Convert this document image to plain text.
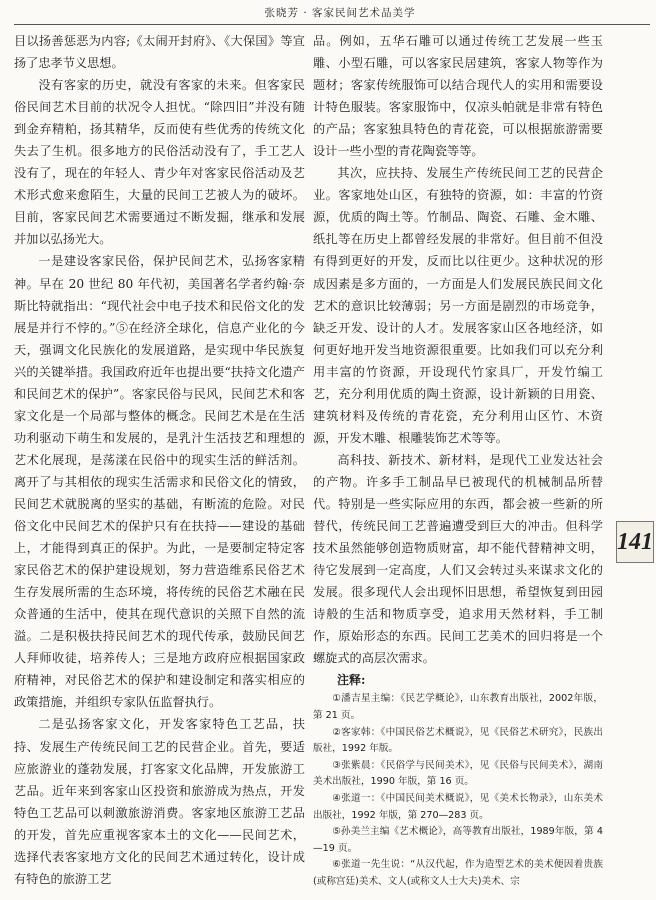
张晓芳 · 客家民间艺术品美学

目以扬善惩恶为内容;《太闹开封府》、《大保国》等宣扬了忠孝节义思想。

没有客家的历史，就没有客家的未来。但客家民俗民间艺术目前的状况令人担忧。“除四旧”并没有随到金弃精粕，扬其精华，反而使有些优秀的传统文化失去了生机。很多地方的民俗活动没有了，手工艺人没有了，现在的年轻人、青少年对客家民俗活动及艺术形式愈来愈陌生，大量的民间工艺被人为的破坏。目前，客家民间艺术需要通过不断发掘，继承和发展并加以弘扬光大。

一是建设客家民俗，保护民间艺术，弘扬客家精神。早在 20 世纪 80 年代初，美国著名学者约翰·奈斯比特就指出：“现代社会中电子技术和民俗文化的发展是并行不悖的。”⑤在经济全球化，信息产业化的今天，强调文化民族化的发展道路，是实现中华民族复兴的关键举措。我国政府近年也提出要“扶持文化遗产和民间艺术的保护”。客家民俗与民风，民间艺术和客家文化是一个局部与整体的概念。民间艺术是在生活功利驱动下萌生和发展的，是乳汁生活技艺和理想的艺术化展现，是荡漾在民俗中的现实生活的鲜活剂。离开了与其相依的现实生活需求和民俗文化的情致，民间艺术就脱离的坚实的基础，有断流的危险。对民俗文化中民间艺术的保护只有在扶持——建设的基础上，才能得到真正的保护。为此，一是要制定特定客家民俗艺术的保护建设规划，努力营造维系民俗艺术生存发展所需的生态环境，将传统的民俗艺术融在民众普通的生活中，使其在现代意识的关照下自然的流溢。二是积极扶持民间艺术的现代传承，鼓励民间艺人拜师收徒，培养传人；三是地方政府应根据国家政府精神，对民俗艺术的保护和建设制定和落实相应的政策措施，并组织专家队伍监督执行。

二是弘扬客家文化，开发客家特色工艺品，扶持、发展生产传统民间工艺的民营企业。首先，要适应旅游业的蓬勃发展，打客家文化品牌，开发旅游工艺品。近年来到客家山区投资和旅游成为热点，开发特色工艺品可以刺激旅游消费。客家地区旅游工艺品的开发，首先应重视客家本土的文化——民间艺术，选择代表客家地方文化的民间艺术通过转化，设计成有特色的旅游工艺

品。例如，五华石雕可以通过传统工艺发展一些玉雕、小型石雕，可以客家民居建筑，客家人物等作为题材；客家传统服饰可以结合现代人的实用和需要设计特色服装。客家服饰中，仅凉头帕就是非常有特色的产品；客家独具特色的青花瓷，可以根据旅游需要设计一些小型的青花陶瓷等等。

其次，应扶持、发展生产传统民间工艺的民营企业。客家地处山区，有独特的资源，如：丰富的竹资源，优质的陶土等。竹制品、陶瓷、石雕、金木雕、纸扎等在历史上都曾经发展的非常好。但目前不但没有得到更好的开发，反而比以往更少。这种状况的形成因素是多方面的，一方面是人们发展民族民间文化艺术的意识比较薄弱；另一方面是剧烈的市场竞争，缺乏开发、设计的人才。发展客家山区各地经济，如何更好地开发当地资源很重要。比如我们可以充分利用丰富的竹资源，开设现代竹家具厂，开发竹编工艺，充分利用优质的陶土资源，设计新颖的日用瓷、建筑材料及传统的青花瓷，充分利用山区竹、木资源，开发木雕、根雕装饰艺术等等。

高科技、新技术、新材料，是现代工业发达社会的产物。许多手工制品早已被现代的机械制品所替代。特别是一些实际应用的东西，都会被一些新的所替代，传统民间工艺普遍遭受到巨大的冲击。但科学技术虽然能够创造物质财富，却不能代替精神文明，待它发展到一定高度，人们又会转过头来谋求文化的发展。很多现代人会出现怀旧思想，希望恢复到田园诗般的生活和物质享受，追求用天然材料，手工制作，原始形态的东西。民间工艺美术的回归将是一个螺旋式的高层次需求。

注释:

①潘吉星主编：《民艺学概论》，山东教育出版社，2002年版，第 21 页。

②客家韩：《中国民俗艺术概说》，见《民俗艺术研究》，民族出版社，1992 年版。

③张紫晨：《民俗学与民间美术》，见《民俗与民间美术》，湖南美术出版社，1990 年版，第 16 页。

④张道一：《中国民间美术概说》，见《美术长物录》，山东美术出版社，1992 年版，第 270—283 页。

⑤孙美兰主编《艺术概论》，高等教育出版社，1989年版，第 4—19 页。

⑥张道一先生说：“从汉代起，作为造型艺术的美术便因着贵族(或称宫廷)美术、文人(或称文人士大夫)美术、宗

141
